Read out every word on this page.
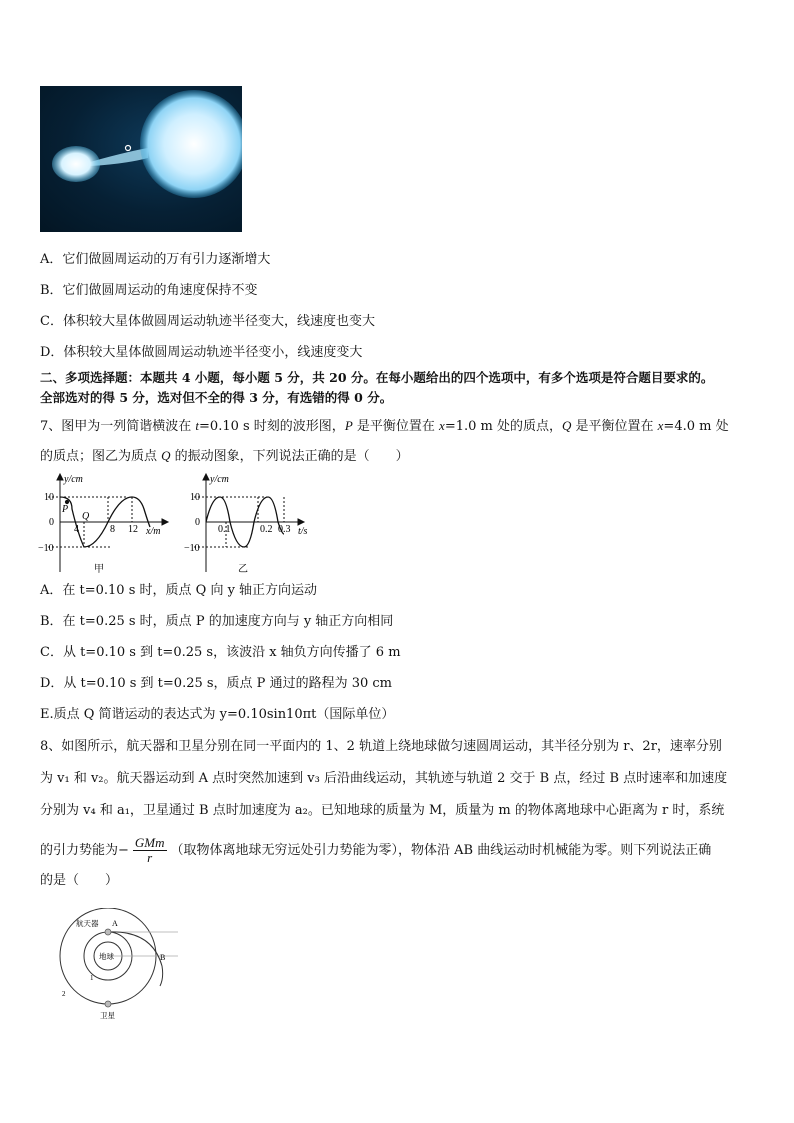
A．它们做圆周运动的万有引力逐渐增大
B．它们做圆周运动的角速度保持不变
C．体积较大星体做圆周运动轨迹半径变大，线速度也变大
D．体积较大星体做圆周运动轨迹半径变小，线速度变大
二、多项选择题：本题共 4 小题，每小题 5 分，共 20 分。在每小题给出的四个选项中，有多个选项是符合题目要求的。
全部选对的得 5 分，选对但不全的得 3 分，有选错的得 0 分。
7、图甲为一列简谐横波在 t=0.10 s 时刻的波形图，P 是平衡位置在 x=1.0 m 处的质点，Q 是平衡位置在 x=4.0 m 处
的质点；图乙为质点 Q 的振动图象，下列说法正确的是（　　）
y/cm
10
0
−10
P
Q
4	8 12 x/m
甲
y/cm
10
0
−10
0.1	0.2 0.3 t/s
乙
A．在 t=0.10 s 时，质点 Q 向 y 轴正方向运动
B．在 t=0.25 s 时，质点 P 的加速度方向与 y 轴正方向相同
C．从 t=0.10 s 到 t=0.25 s，该波沿 x 轴负方向传播了 6 m
D．从 t=0.10 s 到 t=0.25 s，质点 P 通过的路程为 30 cm
E.质点 Q 简谐运动的表达式为 y=0.10sin10πt（国际单位）
8、如图所示，航天器和卫星分别在同一平面内的 1、2 轨道上绕地球做匀速圆周运动，其半径分别为 r、2r，速率分别
为 v₁ 和 v₂。航天器运动到 A 点时突然加速到 v₃ 后沿曲线运动，其轨迹与轨道 2 交于 B 点，经过 B 点时速率和加速度
分别为 v₄ 和 a₁，卫星通过 B 点时加速度为 a₂。已知地球的质量为 M，质量为 m 的物体离地球中心距离为 r 时，系统
的引力势能为−
GMm
r	（取物体离地球无穷远处引力势能为零），物体沿 AB 曲线运动时机械能为零。则下列说法正确
的是（　　）
航天器 A
B
地球
1
2
卫星
